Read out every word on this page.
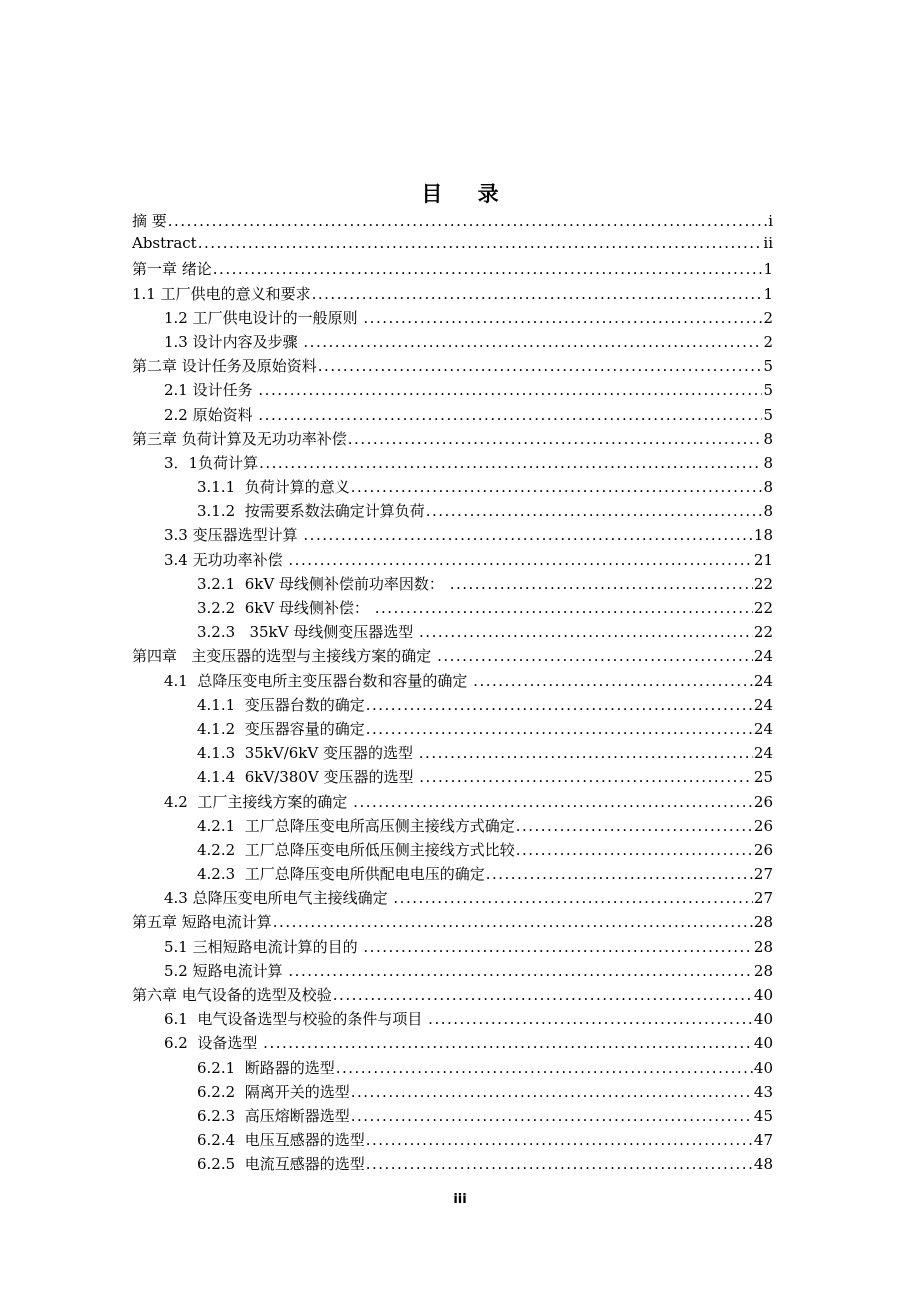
目 录
摘 要 .....	i
Abstract .....	ii
第一章 绪论 .....	1
1.1 工厂供电的意义和要求 .....	1
1.2 工厂供电设计的一般原则 .....	2
1.3 设计内容及步骤 .....	2
第二章 设计任务及原始资料 .....	5
2.1 设计任务 .....	5
2.2 原始资料 .....	5
第三章 负荷计算及无功功率补偿 .....	8
3．1负荷计算 .....	8
3.1.1  负荷计算的意义 .....	8
3.1.2  按需要系数法确定计算负荷 .....	8
3.3 变压器选型计算 .....	18
3.4 无功功率补偿 .....	21
3.2.1  6kV 母线侧补偿前功率因数： .....	22
3.2.2  6kV 母线侧补偿： .....	22
3.2.3   35kV 母线侧变压器选型 .....	22
第四章   主变压器的选型与主接线方案的确定 .....	24
4.1  总降压变电所主变压器台数和容量的确定 .....	24
4.1.1  变压器台数的确定 .....	24
4.1.2  变压器容量的确定 .....	24
4.1.3  35kV/6kV 变压器的选型 .....	24
4.1.4  6kV/380V 变压器的选型 .....	25
4.2  工厂主接线方案的确定 .....	26
4.2.1  工厂总降压变电所高压侧主接线方式确定 .....	26
4.2.2  工厂总降压变电所低压侧主接线方式比较 .....	26
4.2.3  工厂总降压变电所供配电电压的确定 .....	27
4.3 总降压变电所电气主接线确定 .....	27
第五章 短路电流计算 .....	28
5.1 三相短路电流计算的目的 .....	28
5.2 短路电流计算 .....	28
第六章 电气设备的选型及校验 .....	40
6.1  电气设备选型与校验的条件与项目 .....	40
6.2  设备选型 .....	40
6.2.1  断路器的选型 .....	40
6.2.2  隔离开关的选型 .....	43
6.2.3  高压熔断器选型 .....	45
6.2.4  电压互感器的选型 .....	47
6.2.5  电流互感器的选型 .....	48
iii
